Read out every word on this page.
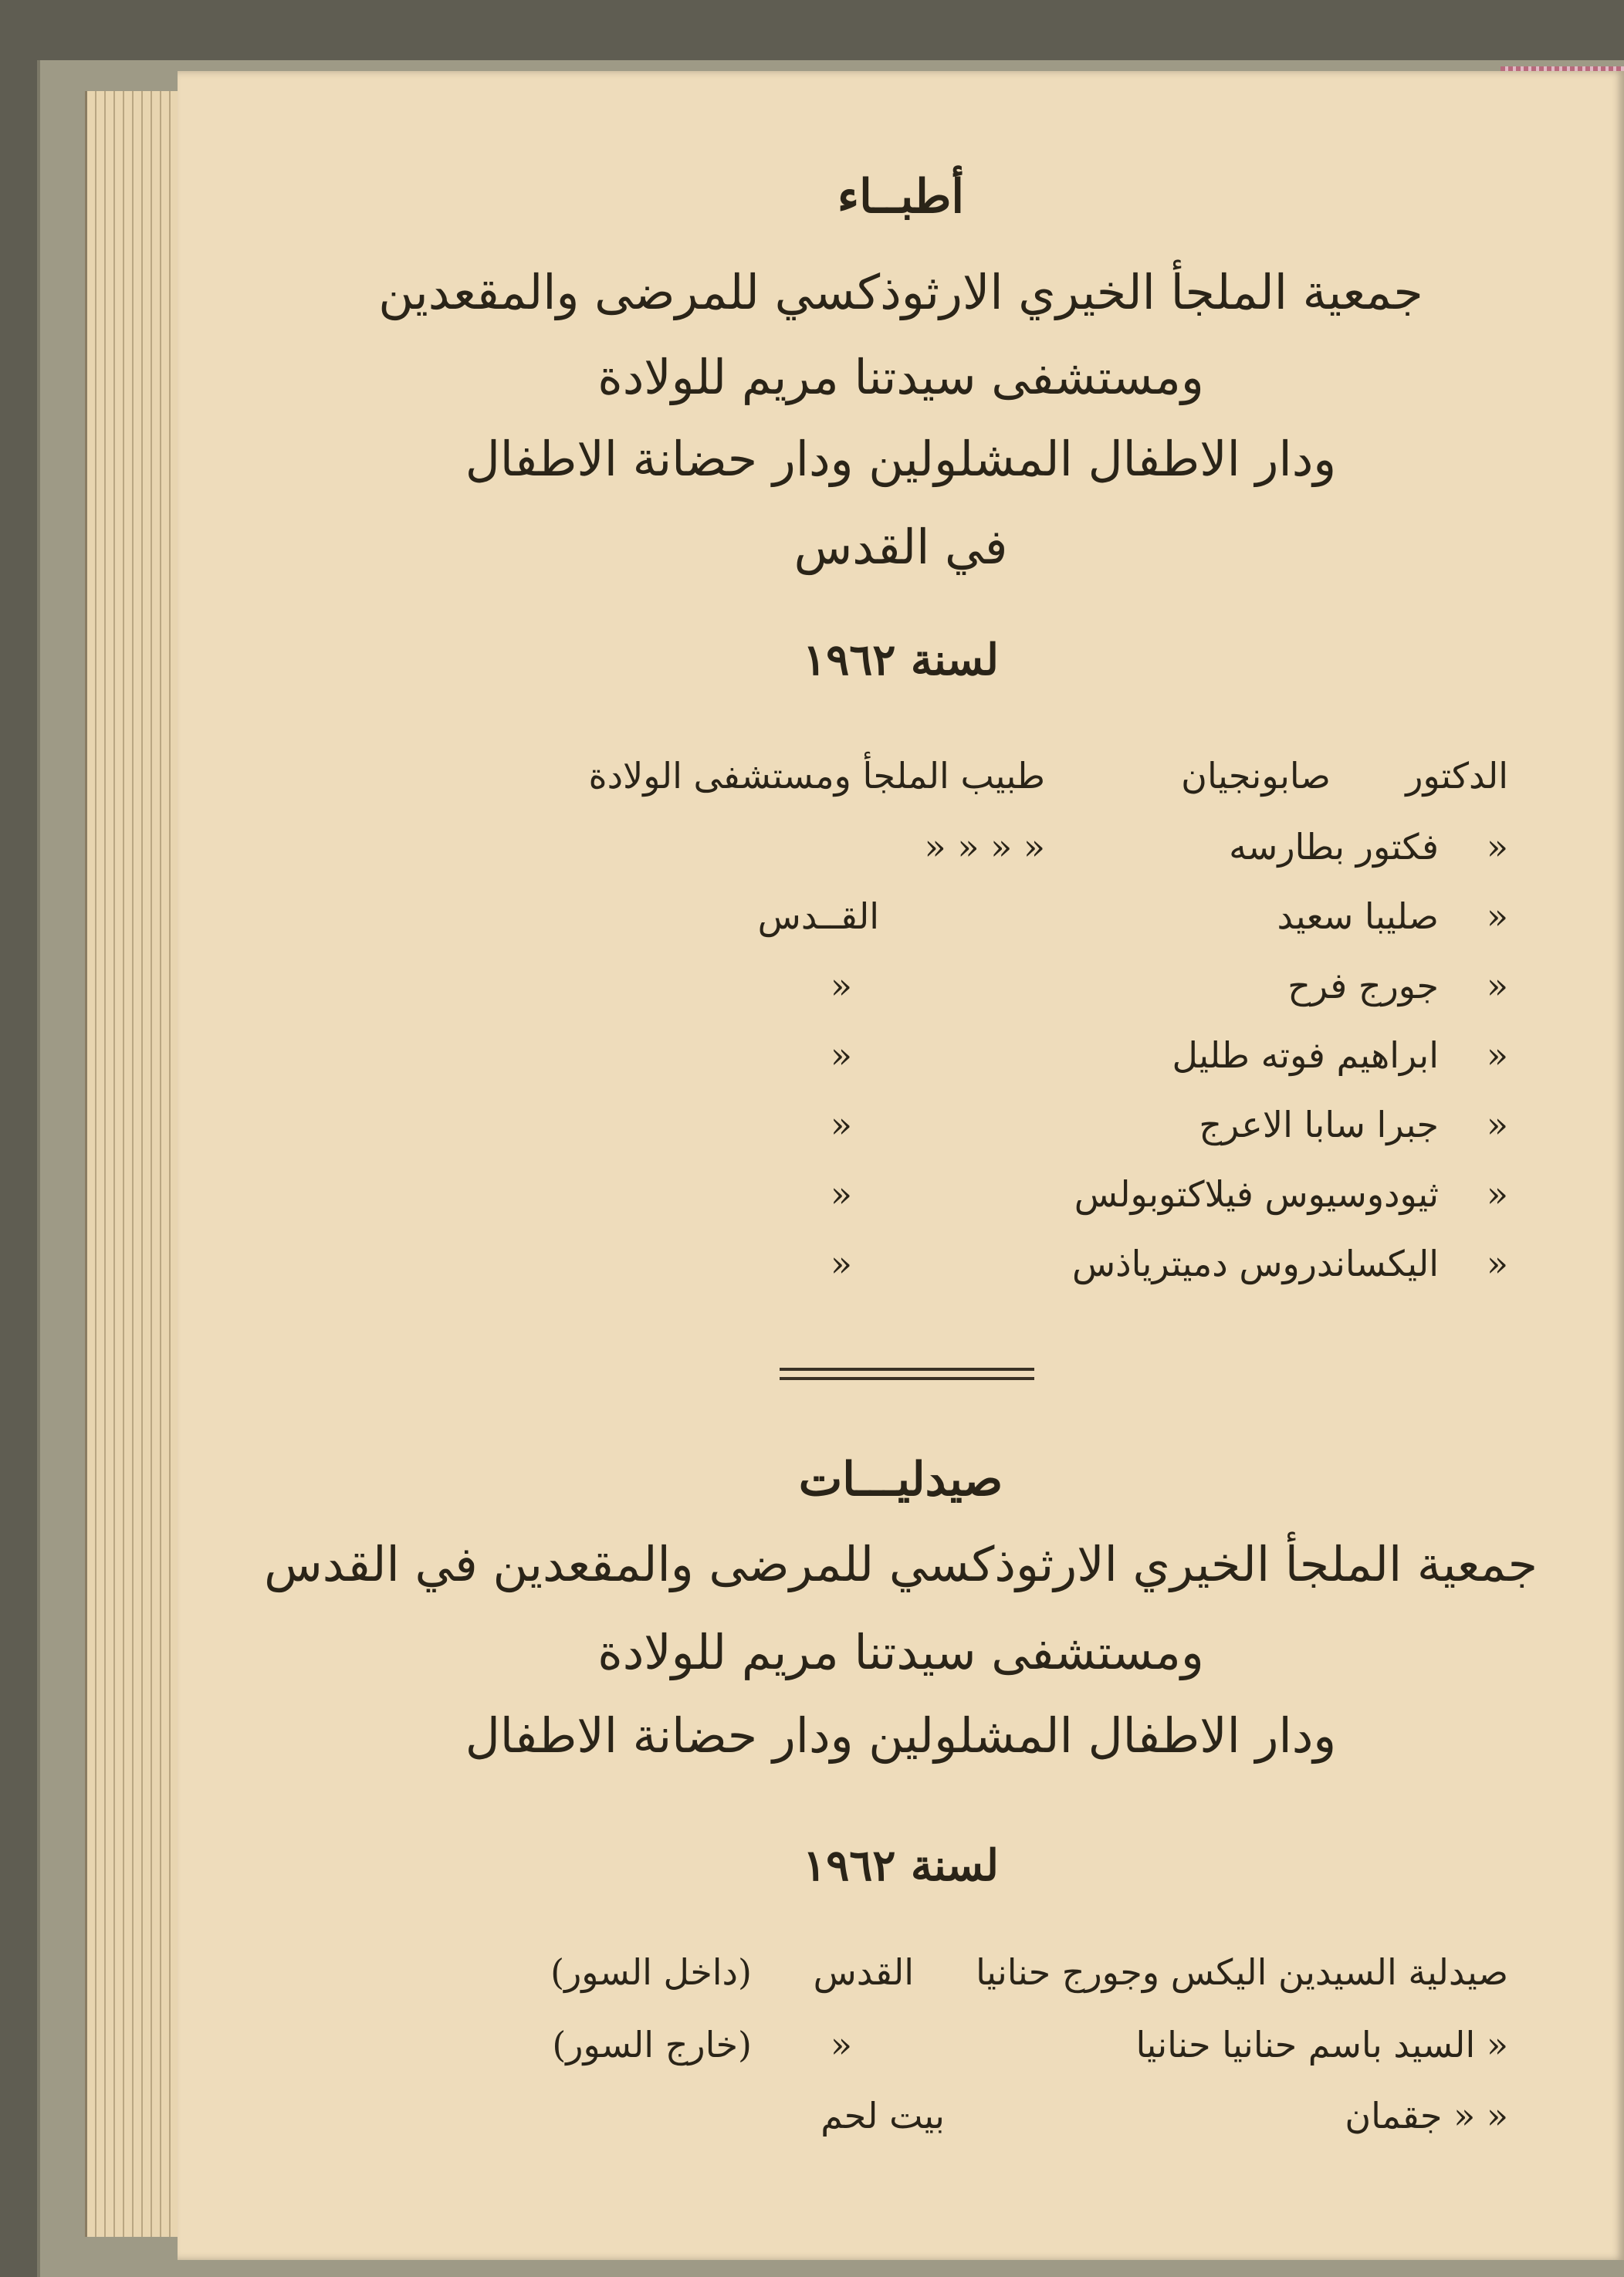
أطبــاء
جمعية الملجأ الخيري الارثوذكسي للمرضى والمقعدين
ومستشفى سيدتنا مريم للولادة
ودار الاطفال المشلولين ودار حضانة الاطفال
في القدس
لسنة ١٩٦٢
الدكتور
صابونجيان
طبيب الملجأ ومستشفى الولادة
«
فكتور بطارسه
« « « «
«
صليبا سعيد
القــدس
«
جورج فرح
«
«
ابراهيم فوته طليل
«
«
جبرا سابا الاعرج
«
«
ثيودوسيوس فيلاكتوبولس
«
«
اليكساندروس دميترياذس
«
صيدليـــات
جمعية الملجأ الخيري الارثوذكسي للمرضى والمقعدين في القدس
ومستشفى سيدتنا مريم للولادة
ودار الاطفال المشلولين ودار حضانة الاطفال
لسنة ١٩٦٢
صيدلية السيدين اليكس وجورج حنانيا
القدس
(داخل السور)
« السيد باسم حنانيا حنانيا
«
(خارج السور)
« « جقمان
بيت لحم
